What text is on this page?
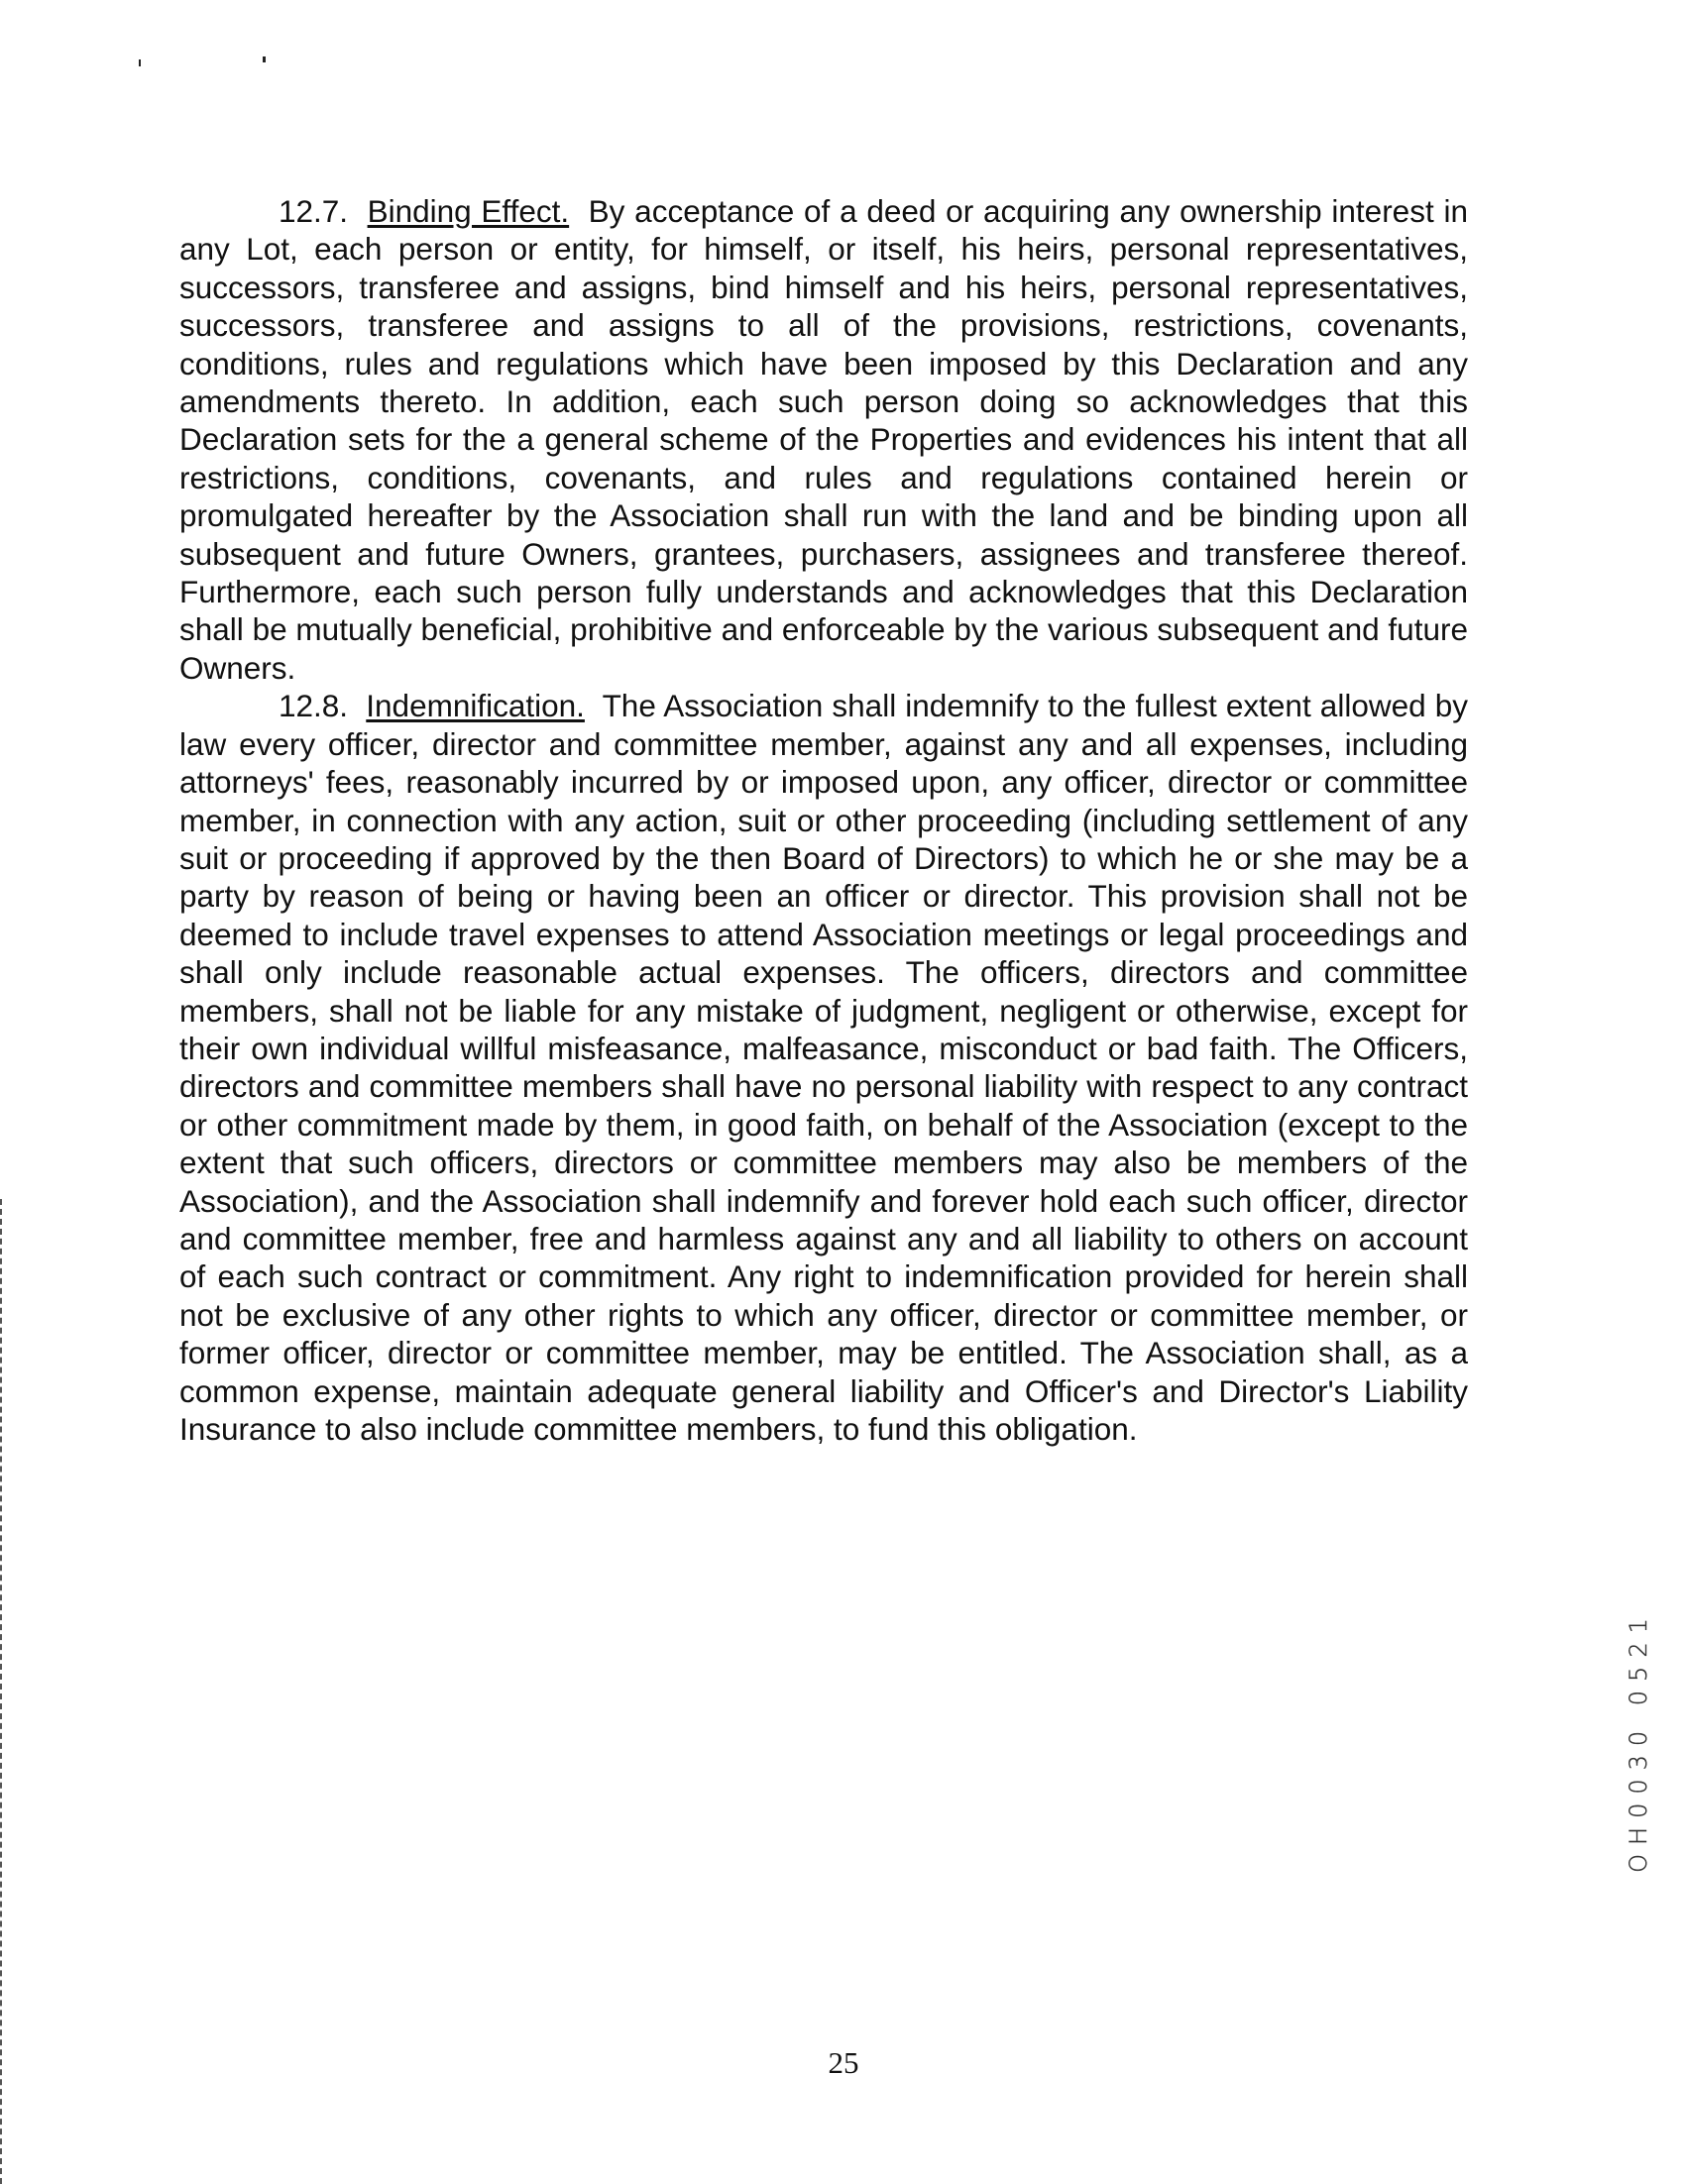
12.7. Binding Effect. By acceptance of a deed or acquiring any ownership interest in any Lot, each person or entity, for himself, or itself, his heirs, personal representatives, successors, transferee and assigns, bind himself and his heirs, personal representatives, successors, transferee and assigns to all of the provisions, restrictions, covenants, conditions, rules and regulations which have been imposed by this Declaration and any amendments thereto. In addition, each such person doing so acknowledges that this Declaration sets for the a general scheme of the Properties and evidences his intent that all restrictions, conditions, covenants, and rules and regulations contained herein or promulgated hereafter by the Association shall run with the land and be binding upon all subsequent and future Owners, grantees, purchasers, assignees and transferee thereof. Furthermore, each such person fully understands and acknowledges that this Declaration shall be mutually beneficial, prohibitive and enforceable by the various subsequent and future Owners.

12.8. Indemnification. The Association shall indemnify to the fullest extent allowed by law every officer, director and committee member, against any and all expenses, including attorneys' fees, reasonably incurred by or imposed upon, any officer, director or committee member, in connection with any action, suit or other proceeding (including settlement of any suit or proceeding if approved by the then Board of Directors) to which he or she may be a party by reason of being or having been an officer or director. This provision shall not be deemed to include travel expenses to attend Association meetings or legal proceedings and shall only include reasonable actual expenses. The officers, directors and committee members, shall not be liable for any mistake of judgment, negligent or otherwise, except for their own individual willful misfeasance, malfeasance, misconduct or bad faith. The Officers, directors and committee members shall have no personal liability with respect to any contract or other commitment made by them, in good faith, on behalf of the Association (except to the extent that such officers, directors or committee members may also be members of the Association), and the Association shall indemnify and forever hold each such officer, director and committee member, free and harmless against any and all liability to others on account of each such contract or commitment. Any right to indemnification provided for herein shall not be exclusive of any other rights to which any officer, director or committee member, or former officer, director or committee member, may be entitled. The Association shall, as a common expense, maintain adequate general liability and Officer's and Director's Liability Insurance to also include committee members, to fund this obligation.

OH0030 0521
25
